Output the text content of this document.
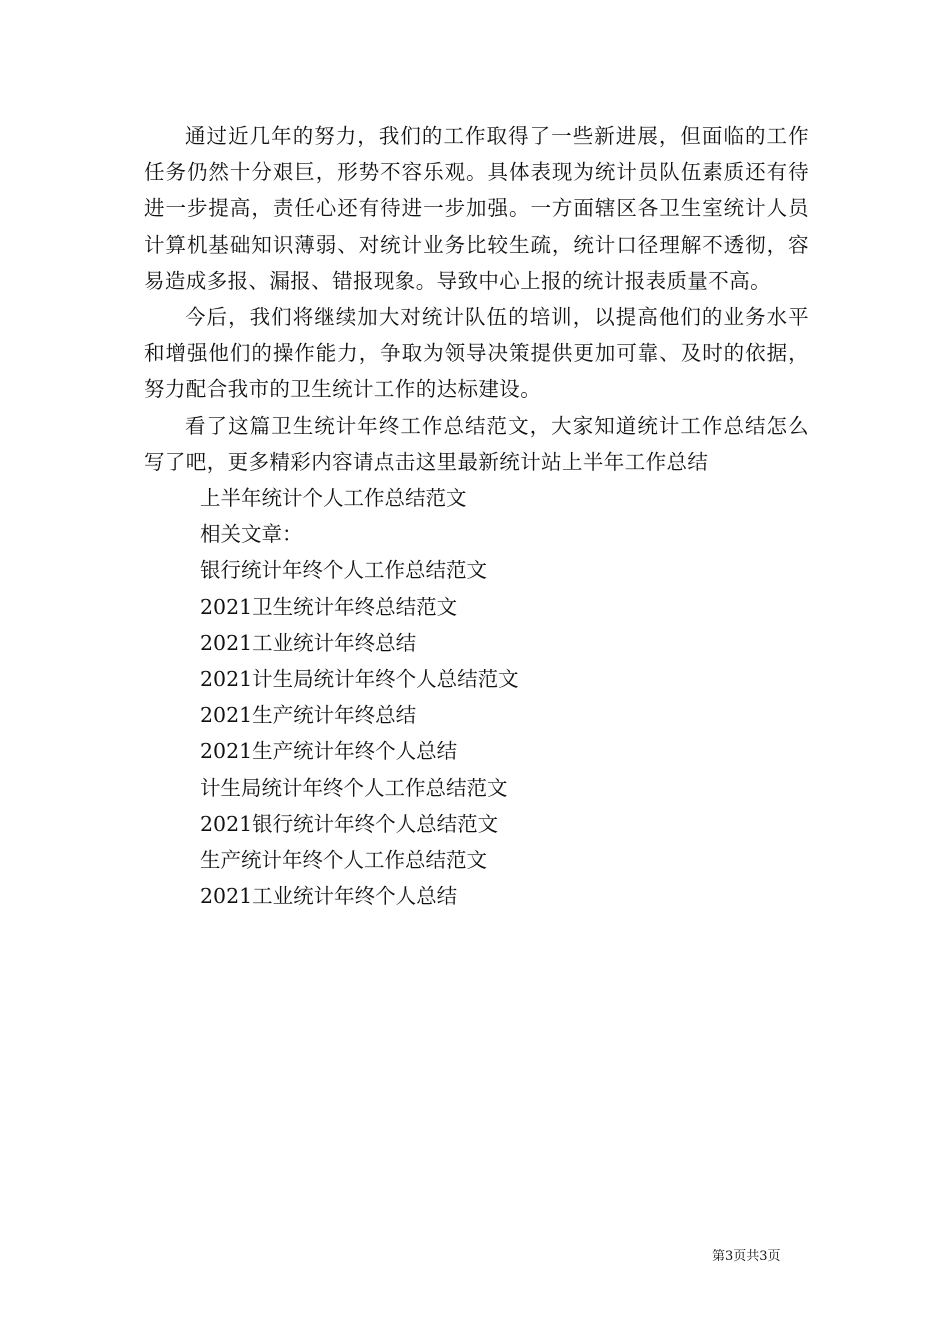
通过近几年的努力，我们的工作取得了一些新进展，但面临的工作任务仍然十分艰巨，形势不容乐观。具体表现为统计员队伍素质还有待进一步提高，责任心还有待进一步加强。一方面辖区各卫生室统计人员计算机基础知识薄弱、对统计业务比较生疏，统计口径理解不透彻，容易造成多报、漏报、错报现象。导致中心上报的统计报表质量不高。

今后，我们将继续加大对统计队伍的培训，以提高他们的业务水平和增强他们的操作能力，争取为领导决策提供更加可靠、及时的依据，努力配合我市的卫生统计工作的达标建设。

看了这篇卫生统计年终工作总结范文，大家知道统计工作总结怎么写了吧，更多精彩内容请点击这里最新统计站上半年工作总结

上半年统计个人工作总结范文

相关文章：

银行统计年终个人工作总结范文

2021卫生统计年终总结范文

2021工业统计年终总结

2021计生局统计年终个人总结范文

2021生产统计年终总结

2021生产统计年终个人总结

计生局统计年终个人工作总结范文

2021银行统计年终个人总结范文

生产统计年终个人工作总结范文

2021工业统计年终个人总结

第3页共3页
